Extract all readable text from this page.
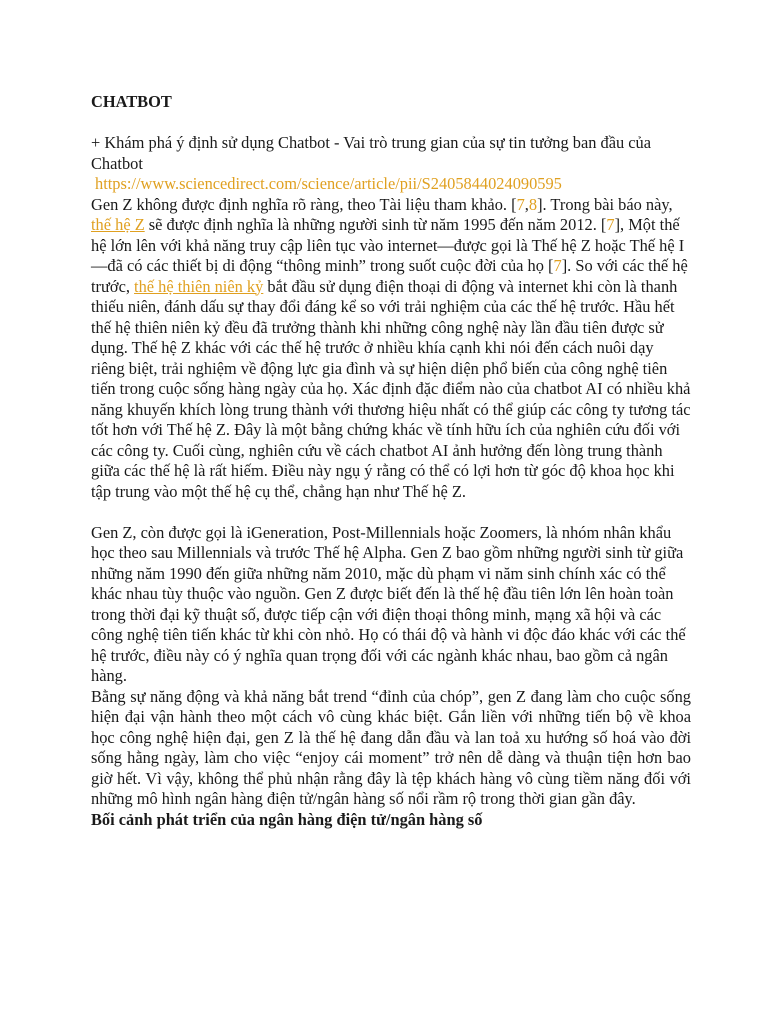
CHATBOT

+ Khám phá ý định sử dụng Chatbot - Vai trò trung gian của sự tin tưởng ban đầu của Chatbot

https://www.sciencedirect.com/science/article/pii/S2405844024090595

Gen Z không được định nghĩa rõ ràng, theo Tài liệu tham khảo. [7,8]. Trong bài báo này, thế hệ Z sẽ được định nghĩa là những người sinh từ năm 1995 đến năm 2012. [7], Một thế hệ lớn lên với khả năng truy cập liên tục vào internet—được gọi là Thế hệ Z hoặc Thế hệ I—đã có các thiết bị di động “thông minh” trong suốt cuộc đời của họ [7]. So với các thế hệ trước, thế hệ thiên niên kỷ bắt đầu sử dụng điện thoại di động và internet khi còn là thanh thiếu niên, đánh dấu sự thay đổi đáng kể so với trải nghiệm của các thế hệ trước. Hầu hết thế hệ thiên niên kỷ đều đã trưởng thành khi những công nghệ này lần đầu tiên được sử dụng. Thế hệ Z khác với các thế hệ trước ở nhiều khía cạnh khi nói đến cách nuôi dạy riêng biệt, trải nghiệm về động lực gia đình và sự hiện diện phổ biến của công nghệ tiên tiến trong cuộc sống hàng ngày của họ. Xác định đặc điểm nào của chatbot AI có nhiều khả năng khuyến khích lòng trung thành với thương hiệu nhất có thể giúp các công ty tương tác tốt hơn với Thế hệ Z. Đây là một bằng chứng khác về tính hữu ích của nghiên cứu đối với các công ty. Cuối cùng, nghiên cứu về cách chatbot AI ảnh hưởng đến lòng trung thành giữa các thế hệ là rất hiếm. Điều này ngụ ý rằng có thể có lợi hơn từ góc độ khoa học khi tập trung vào một thế hệ cụ thể, chẳng hạn như Thế hệ Z.

Gen Z, còn được gọi là iGeneration, Post-Millennials hoặc Zoomers, là nhóm nhân khẩu học theo sau Millennials và trước Thế hệ Alpha. Gen Z bao gồm những người sinh từ giữa những năm 1990 đến giữa những năm 2010, mặc dù phạm vi năm sinh chính xác có thể khác nhau tùy thuộc vào nguồn. Gen Z được biết đến là thế hệ đầu tiên lớn lên hoàn toàn trong thời đại kỹ thuật số, được tiếp cận với điện thoại thông minh, mạng xã hội và các công nghệ tiên tiến khác từ khi còn nhỏ. Họ có thái độ và hành vi độc đáo khác với các thế hệ trước, điều này có ý nghĩa quan trọng đối với các ngành khác nhau, bao gồm cả ngân hàng.

Bằng sự năng động và khả năng bắt trend “đỉnh của chóp”, gen Z đang làm cho cuộc sống hiện đại vận hành theo một cách vô cùng khác biệt. Gắn liền với những tiến bộ về khoa học công nghệ hiện đại, gen Z là thế hệ đang dẫn đầu và lan toả xu hướng số hoá vào đời sống hằng ngày, làm cho việc “enjoy cái moment” trở nên dễ dàng và thuận tiện hơn bao giờ hết. Vì vậy, không thể phủ nhận rằng đây là tệp khách hàng vô cùng tiềm năng đối với những mô hình ngân hàng điện tử/ngân hàng số nổi rầm rộ trong thời gian gần đây.

Bối cảnh phát triển của ngân hàng điện tử/ngân hàng số
